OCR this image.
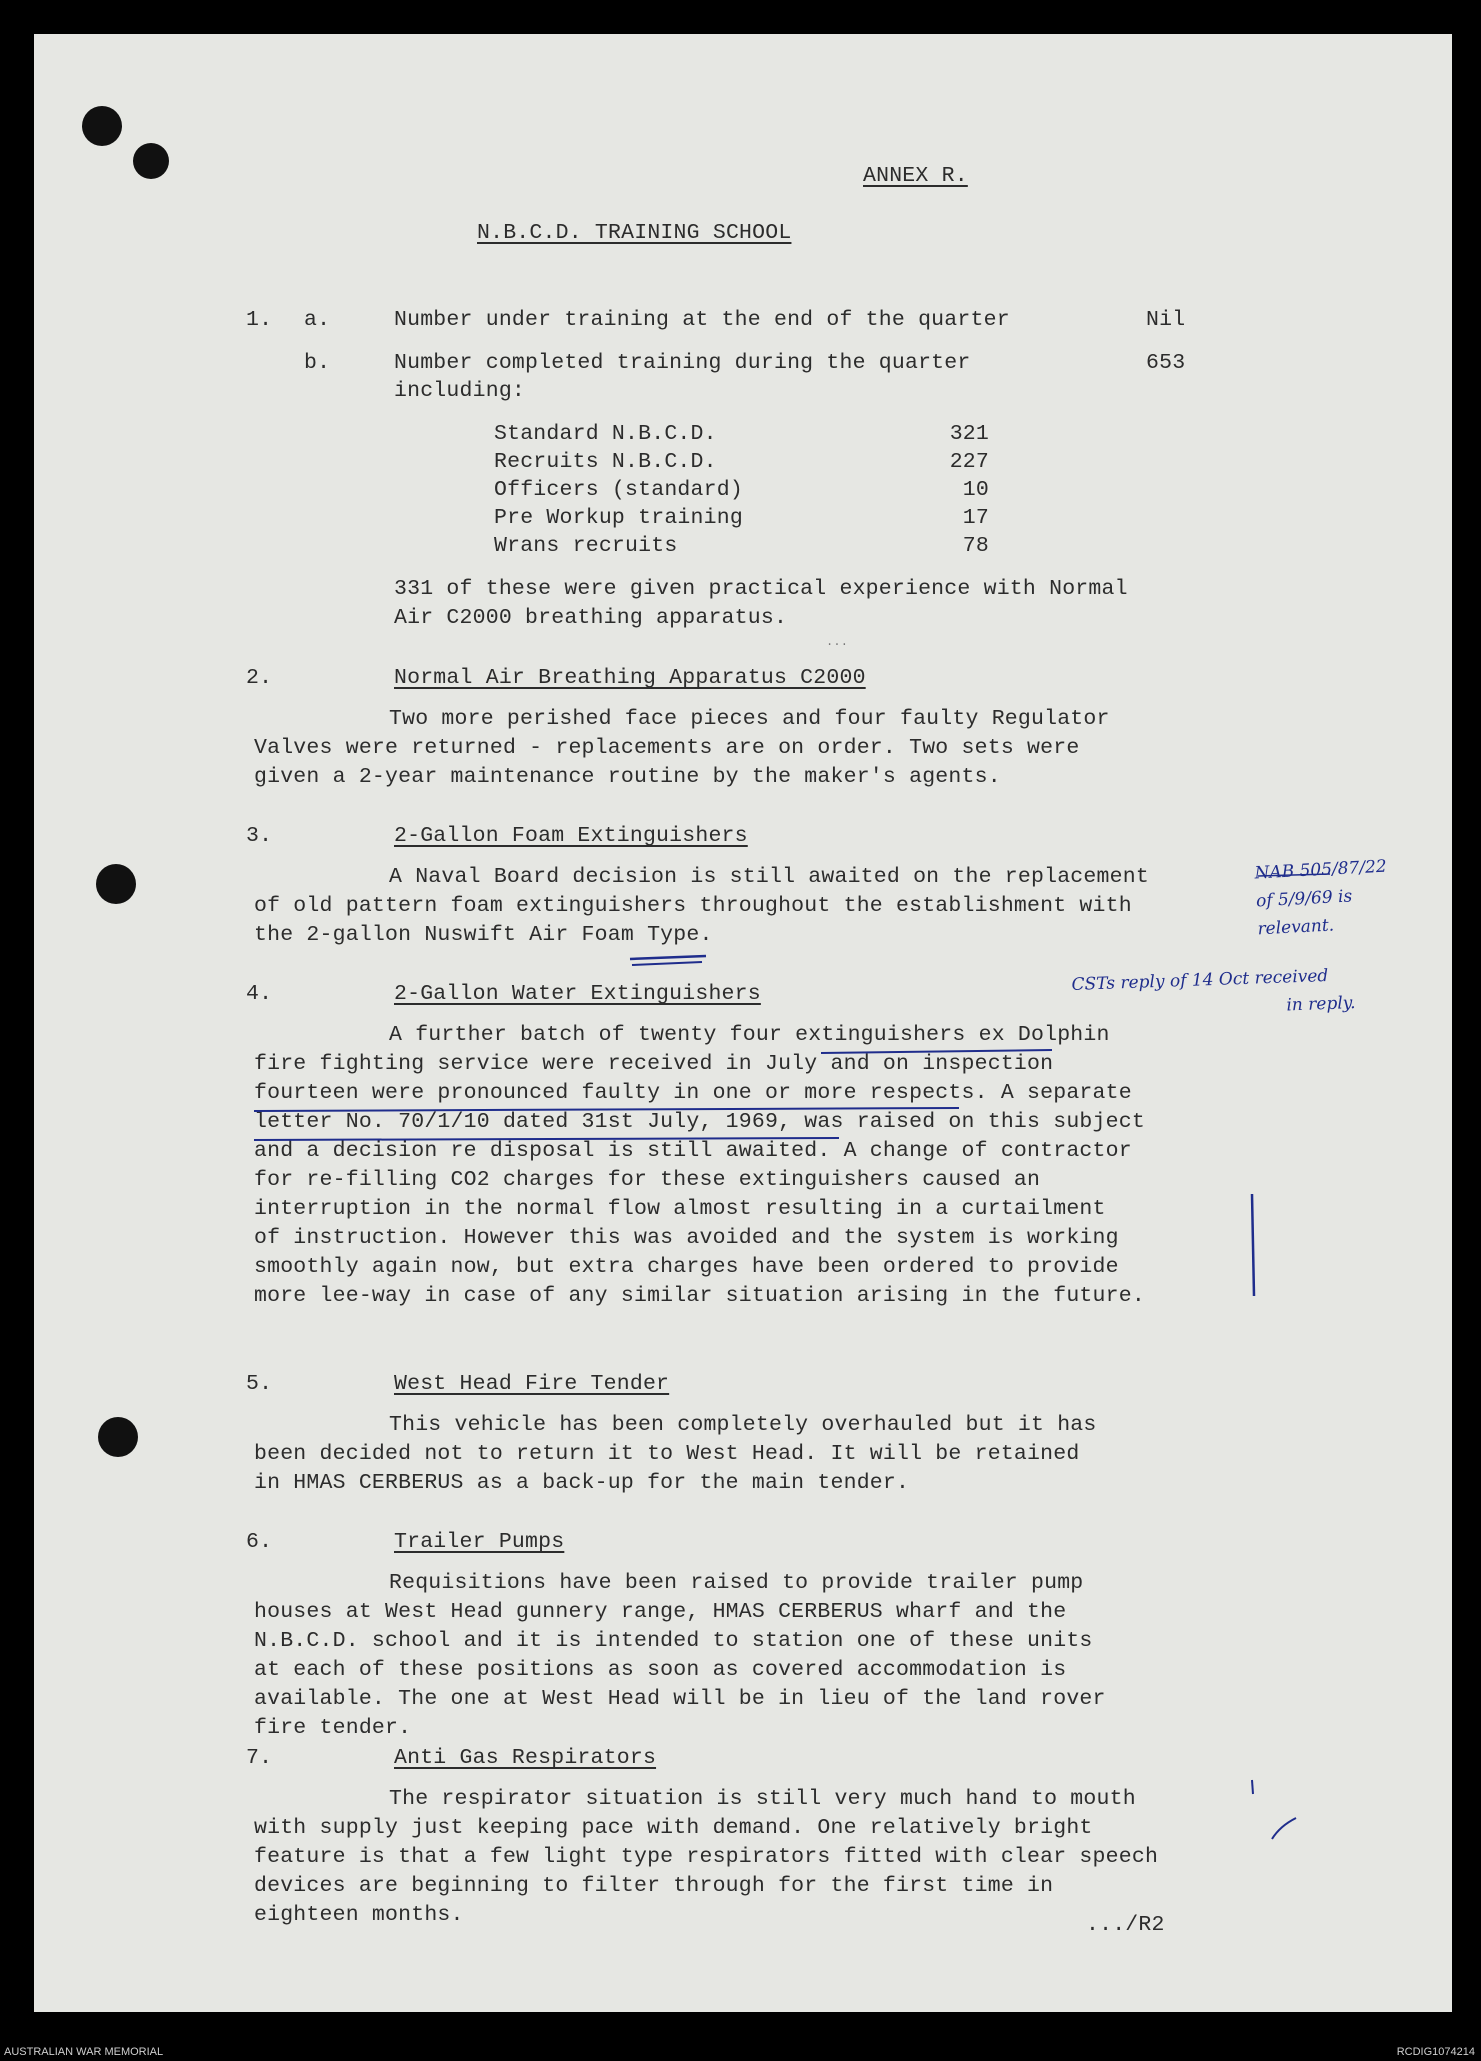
ANNEX R.
N.B.C.D. TRAINING SCHOOL
1. a.	Number under training at the end of the quarter	Nil
b.	Number completed training during the quarter	653
including:
Standard N.B.C.D.	321
Recruits N.B.C.D.	227
Officers (standard)	10
Pre Workup training	17
Wrans recruits	78
331 of these were given practical experience with Normal
Air C2000 breathing apparatus.
...
2.	Normal Air Breathing Apparatus C2000
Two more perished face pieces and four faulty Regulator
Valves were returned - replacements are on order. Two sets were
given a 2-year maintenance routine by the maker's agents.
3.	2-Gallon Foam Extinguishers
A Naval Board decision is still awaited on the replacement
of old pattern foam extinguishers throughout the establishment with
the 2-gallon Nuswift Air Foam Type.
4.	2-Gallon Water Extinguishers
A further batch of twenty four extinguishers ex Dolphin
fire fighting service were received in July and on inspection
fourteen were pronounced faulty in one or more respects. A separate
letter No. 70/1/10 dated 31st July, 1969, was raised on this subject
and a decision re disposal is still awaited. A change of contractor
for re-filling CO2 charges for these extinguishers caused an
interruption in the normal flow almost resulting in a curtailment
of instruction. However this was avoided and the system is working
smoothly again now, but extra charges have been ordered to provide
more lee-way in case of any similar situation arising in the future.
5.	West Head Fire Tender
This vehicle has been completely overhauled but it has
been decided not to return it to West Head. It will be retained
in HMAS CERBERUS as a back-up for the main tender.
6.	Trailer Pumps
Requisitions have been raised to provide trailer pump
houses at West Head gunnery range, HMAS CERBERUS wharf and the
N.B.C.D. school and it is intended to station one of these units
at each of these positions as soon as covered accommodation is
available. The one at West Head will be in lieu of the land rover
fire tender.
7.	Anti Gas Respirators
The respirator situation is still very much hand to mouth
with supply just keeping pace with demand. One relatively bright
feature is that a few light type respirators fitted with clear speech
devices are beginning to filter through for the first time in
eighteen months.	.../R2
NAB 505/87/22
of 5/9/69 is
relevant.
CSTs reply of 14 Oct received
in reply.
AUSTRALIAN WAR MEMORIAL	RCDIG1074214
